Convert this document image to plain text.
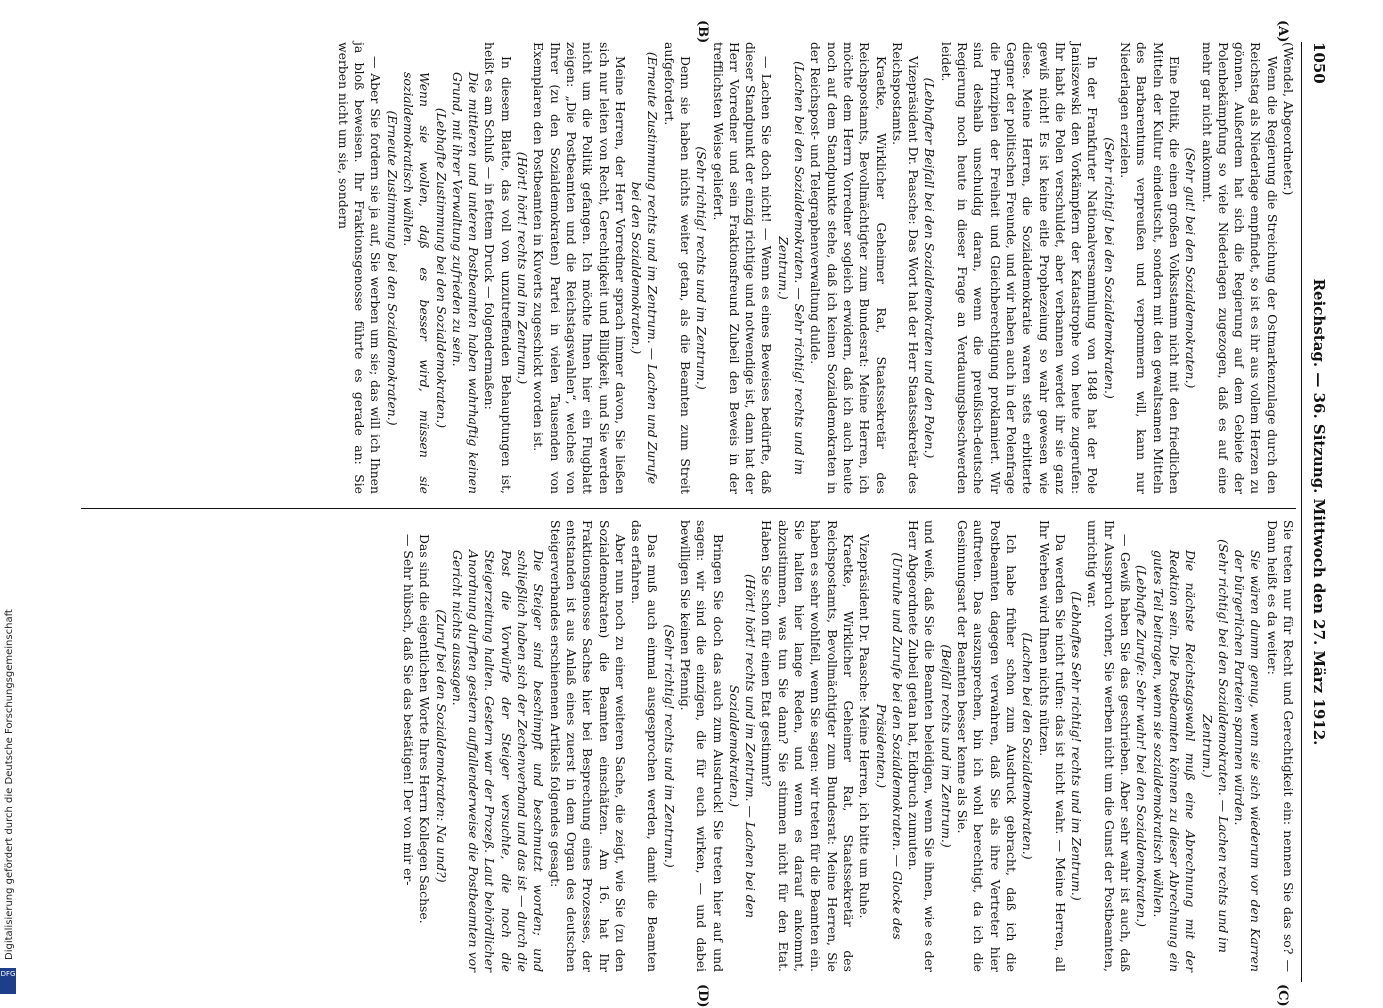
1050
Reichstag. — 36. Sitzung. Mittwoch den 27. März 1912.

(Wendel, Abgeordneter.)

Wenn die Regierung die Streichung der Ostmarkenzulage durch den Reichstag als Niederlage empfindet, so ist es ihr aus vollem Herzen zu gönnen. Außerdem hat sich die Regierung auf dem Gebiete der Polenbekämpfung so viele Niederlagen zugezogen, daß es auf eine mehr gar nicht ankommt.

(Sehr gut! bei den Sozialdemokraten.)

Eine Politik, die einen großen Volksstamm nicht mit den friedlichen Mitteln der Kultur eindeutscht, sondern mit den gewaltsamen Mitteln des Barbarentums verpreußen und verpommern will, kann nur Niederlagen erzielen.

(Sehr richtig! bei den Sozialdemokraten.)

In der Frankfurter Nationalversammlung von 1848 hat der Pole Janiszewski den Vorkämpfern der Katastrophe von heute zugerufen: Ihr habt die Polen verschuldet, aber verbannen werdet ihr sie ganz gewiß nicht! Es ist keine eitle Prophezeiung so wahr gewesen wie diese. Meine Herren, die Sozialdemokratie waren stets erbitterte Gegner der politischen Freunde, und wir haben auch in der Polenfrage die Prinzipien der Freiheit und Gleichberechtigung proklamiert. Wir sind deshalb unschuldig daran, wenn die preußisch-deutsche Regierung noch heute in dieser Frage an Verdauungsbeschwerden leidet.

(Lebhafter Beifall bei den Sozialdemokraten und den Polen.)

Vizepräsident Dr. Paasche: Das Wort hat der Herr Staatssekretär des Reichspostamts.

Kraetke, Wirklicher Geheimer Rat, Staatssekretär des Reichspostamts, Bevollmächtigter zum Bundesrat: Meine Herren, ich möchte dem Herrn Vorredner sogleich erwidern, daß ich auch heute noch auf dem Standpunkte stehe, daß ich keinen Sozialdemokraten in der Reichspost- und Telegraphenverwaltung dulde.

(Lachen bei den Sozialdemokraten. — Sehr richtig! rechts und im Zentrum.)

— Lachen Sie doch nicht! — Wenn es eines Beweises bedürfte, daß dieser Standpunkt der einzig richtige und notwendige ist, dann hat der Herr Vorredner und sein Fraktionsfreund Zubeil den Beweis in der trefflichsten Weise geliefert.

(Sehr richtig! rechts und im Zentrum.)

Denn sie haben nichts weiter getan, als die Beamten zum Streit aufgefordert.

(Erneute Zustimmung rechts und im Zentrum. — Lachen und Zurufe bei den Sozialdemokraten.)

Meine Herren, der Herr Vorredner sprach immer davon, Sie ließen sich nur leiten von Recht, Gerechtigkeit und Billigkeit, und Sie werden nicht um die Politik gefangen. Ich möchte Ihnen hier ein Flugblatt zeigen: „Die Postbeamten und die Reichstagswahlen“, welches von Ihrer (zu den Sozialdemokraten) Partei in vielen Tausenden von Exemplaren den Postbeamten in Kuverts zugeschickt worden ist.

(Hört! hört! rechts und im Zentrum.)

In diesem Blatte, das voll von unzutreffenden Behauptungen ist, heißt es am Schluß — in fettem Druck — folgendermaßen:

Die mittleren und unteren Postbeamten haben wahrhaftig keinen Grund, mit ihrer Verwaltung zufrieden zu sein.

(Lebhafte Zustimmung bei den Sozialdemokraten.)

Wenn sie wollen, daß es besser wird, müssen sie sozialdemokratisch wählen.

(Erneute Zustimmung bei den Sozialdemokraten.)

— Aber Sie fordern sie ja auf, Sie werben um sie; das will ich Ihnen ja bloß beweisen. Ihr Fraktionsgenosse führte es gerade an: Sie werben nicht um sie, sondern

Sie treten nur für Recht und Gerechtigkeit ein: nennen Sie das so? — Dann heißt es da weiter:

Sie wären dumm genug, wenn sie sich wiederum vor den Karren der bürgerlichen Parteien spannen würden.

(Sehr richtig! bei den Sozialdemokraten. — Lachen rechts und im Zentrum.)

Die nächste Reichstagswahl muß eine Abrechnung mit der Reaktion sein. Die Postbeamten können zu dieser Abrechnung ein gutes Teil beitragen, wenn sie sozialdemokratisch wählen.

(Lebhafte Zurufe: Sehr wahr! bei den Sozialdemokraten.)

— Gewiß haben Sie das geschrieben. Aber sehr wahr ist auch, daß Ihr Ausspruch vorher, Sie werben nicht um die Gunst der Postbeamten, unrichtig war.

(Lebhaftes Sehr richtig! rechts und im Zentrum.)

Da werden Sie nicht rufen: das ist nicht wahr. — Meine Herren, all Ihr Werben wird Ihnen nichts nützen.

(Lachen bei den Sozialdemokraten.)

Ich habe früher schon zum Ausdruck gebracht, daß ich die Postbeamten dagegen verwahren, daß Sie als ihre Vertreter hier auftreten. Das auszusprechen, bin ich wohl berechtigt, da ich die Gesinnungsart der Beamten besser kenne als Sie.

(Beifall rechts und im Zentrum.)

und weiß, daß Sie die Beamten beleidigen, wenn Sie ihnen, wie es der Herr Abgeordnete Zubeil getan hat, Eidbruch zumuten.

(Unruhe und Zurufe bei den Sozialdemokraten. — Glocke des Präsidenten.)

Vizepräsident Dr. Paasche: Meine Herren, ich bitte um Ruhe.

Kraetke, Wirklicher Geheimer Rat, Staatssekretär des Reichspostamts, Bevollmächtigter zum Bundesrat: Meine Herren, Sie haben es sehr wohlfeil, wenn Sie sagen: wir treten für die Beamten ein. Sie halten hier lange Reden, und wenn es darauf ankommt, abzustimmen, was tun Sie dann? Sie stimmen nicht für den Etat. Haben Sie schon für einen Etat gestimmt?

(Hört! hört! rechts und im Zentrum. — Lachen bei den Sozialdemokraten.)

Bringen Sie doch das auch zum Ausdruck! Sie treten hier auf und sagen: wir sind die einzigen, die für euch wirken, — und dabei bewilligen Sie keinen Pfennig.

(Sehr richtig! rechts und im Zentrum.)

Das muß auch einmal ausgesprochen werden, damit die Beamten das erfahren.

Aber nun noch zu einer weiteren Sache, die zeigt, wie Sie (zu den Sozialdemokraten) die Beamten einschätzen. Am 16. hat Ihr Fraktionsgenosse Sachse hier bei Besprechung eines Prozesses, der entstanden ist aus Anlaß eines zuerst in dem Organ des deutschen Steigerverbandes erschienenen Artikels folgendes gesagt:

Die Steiger sind beschimpft und beschmutzt worden; und schließlich haben sich der Zechenverband und das ist — durch die Post die Vorwürfe der Steiger versuchte, die noch die Steigerzeitung halten. Gestern war der Prozeß. Laut behördlicher Anordnung durften gestern auffallenderweise die Postbeamten vor Gericht nichts aussagen.

(Zuruf bei den Sozialdemokraten: Na und?)

Das sind die eigentlichen Worte Ihres Herrn Kollegen Sachse.

— Sehr hübsch, daß Sie das bestätigen! Der von mir er-

(A)
(B)
(C)
(D)
Digitalisierung gefördert durch die Deutsche Forschungsgemeinschaft
DFG
